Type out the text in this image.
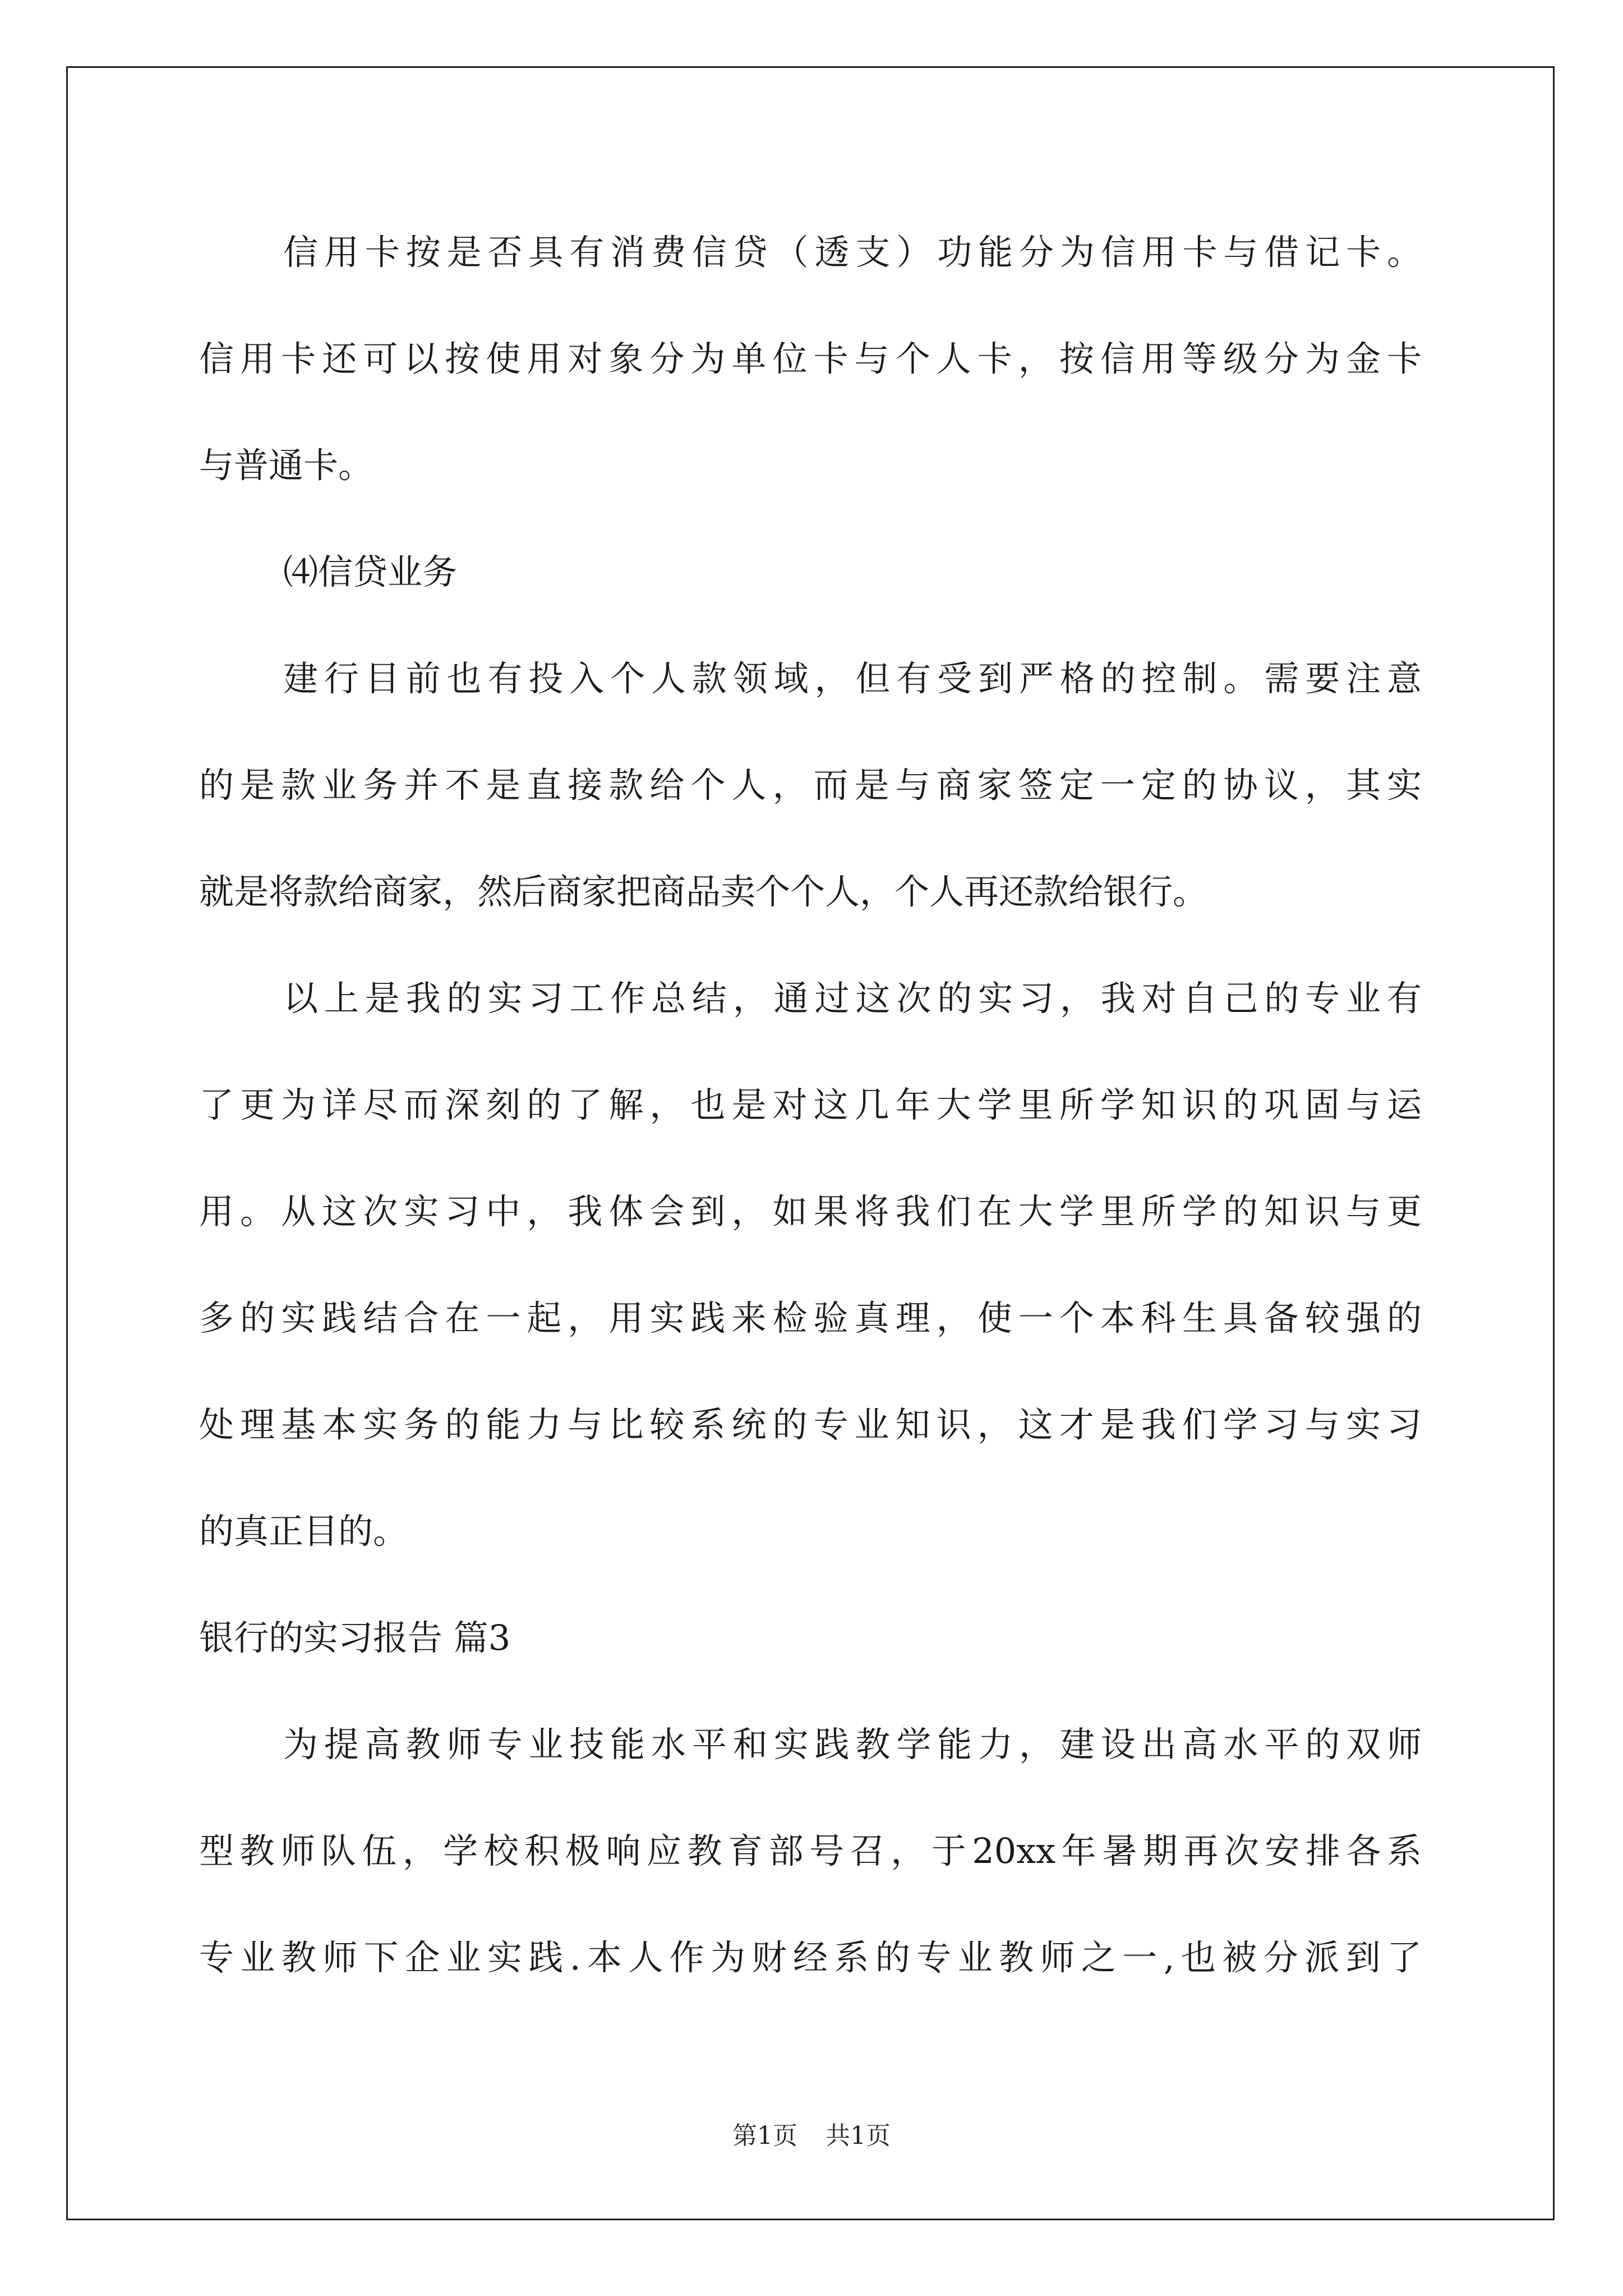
信用卡按是否具有消费信贷（透支）功能分为信用卡与借记卡。
信用卡还可以按使用对象分为单位卡与个人卡，按信用等级分为金卡
与普通卡。
⑷信贷业务
建行目前也有投入个人款领域，但有受到严格的控制。需要注意
的是款业务并不是直接款给个人，而是与商家签定一定的协议，其实
就是将款给商家，然后商家把商品卖个个人，个人再还款给银行。
以上是我的实习工作总结，通过这次的实习，我对自己的专业有
了更为详尽而深刻的了解，也是对这几年大学里所学知识的巩固与运
用。从这次实习中，我体会到，如果将我们在大学里所学的知识与更
多的实践结合在一起，用实践来检验真理，使一个本科生具备较强的
处理基本实务的能力与比较系统的专业知识，这才是我们学习与实习
的真正目的。
银行的实习报告 篇3
为提高教师专业技能水平和实践教学能力，建设出高水平的双师
型教师队伍，学校积极响应教育部号召，于20xx年暑期再次安排各系
专业教师下企业实践.本人作为财经系的专业教师之一,也被分派到了
第1页 共1页
